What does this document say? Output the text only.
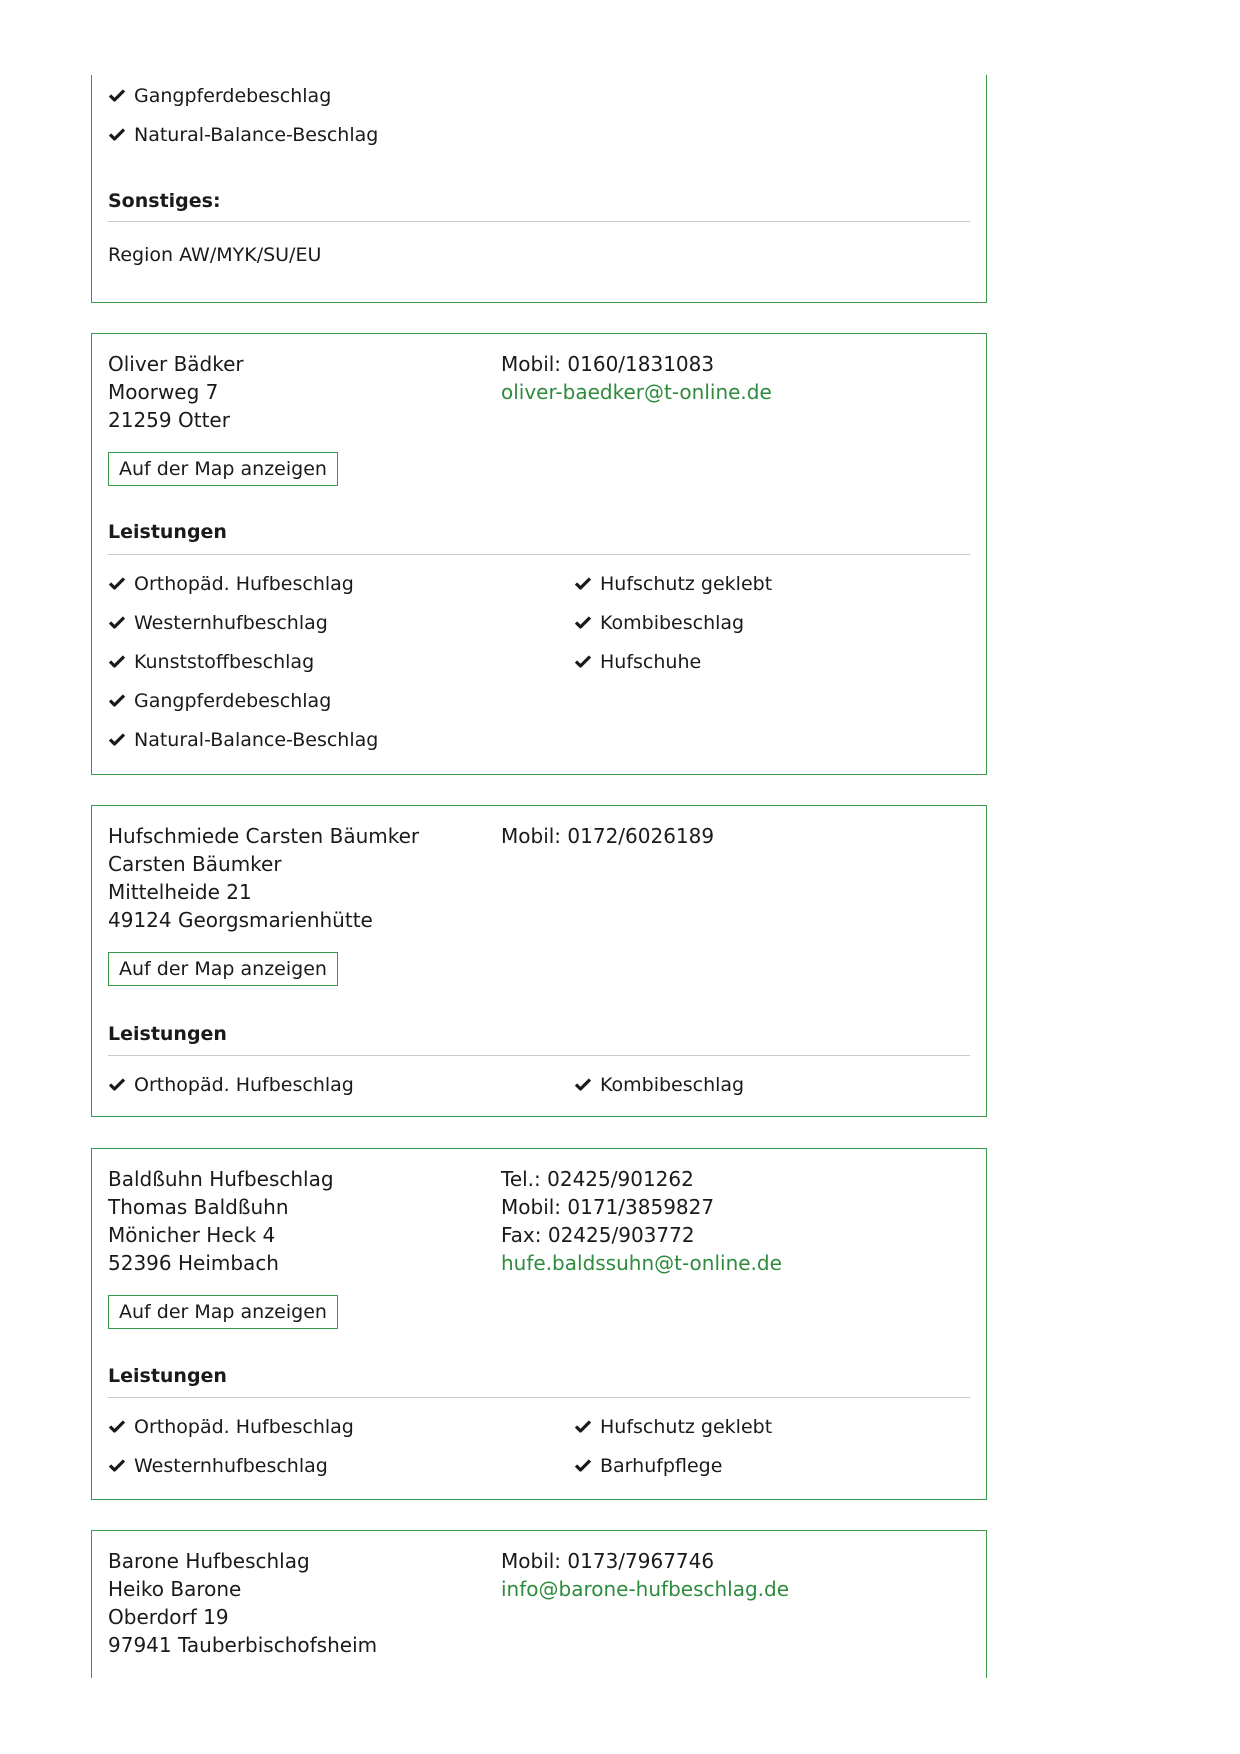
Gangpferdebeschlag
Natural-Balance-Beschlag
Sonstiges:
Region AW/MYK/SU/EU
Oliver Bädker
Moorweg 7
21259 Otter
Mobil: 0160/1831083
oliver-baedker@t-online.de
Auf der Map anzeigen
Leistungen
Orthopäd. Hufbeschlag
Westernhufbeschlag
Kunststoffbeschlag
Gangpferdebeschlag
Natural-Balance-Beschlag
Hufschutz geklebt
Kombibeschlag
Hufschuhe
Hufschmiede Carsten Bäumker
Carsten Bäumker
Mittelheide 21
49124 Georgsmarienhütte
Mobil: 0172/6026189
Auf der Map anzeigen
Leistungen
Orthopäd. Hufbeschlag	Kombibeschlag
Baldßuhn Hufbeschlag
Thomas Baldßuhn
Mönicher Heck 4
52396 Heimbach
Tel.: 02425/901262
Mobil: 0171/3859827
Fax: 02425/903772
hufe.baldssuhn@t-online.de
Auf der Map anzeigen
Leistungen
Orthopäd. Hufbeschlag
Westernhufbeschlag
Hufschutz geklebt
Barhufpflege
Barone Hufbeschlag
Heiko Barone
Oberdorf 19
97941 Tauberbischofsheim
Mobil: 0173/7967746
info@barone-hufbeschlag.de
